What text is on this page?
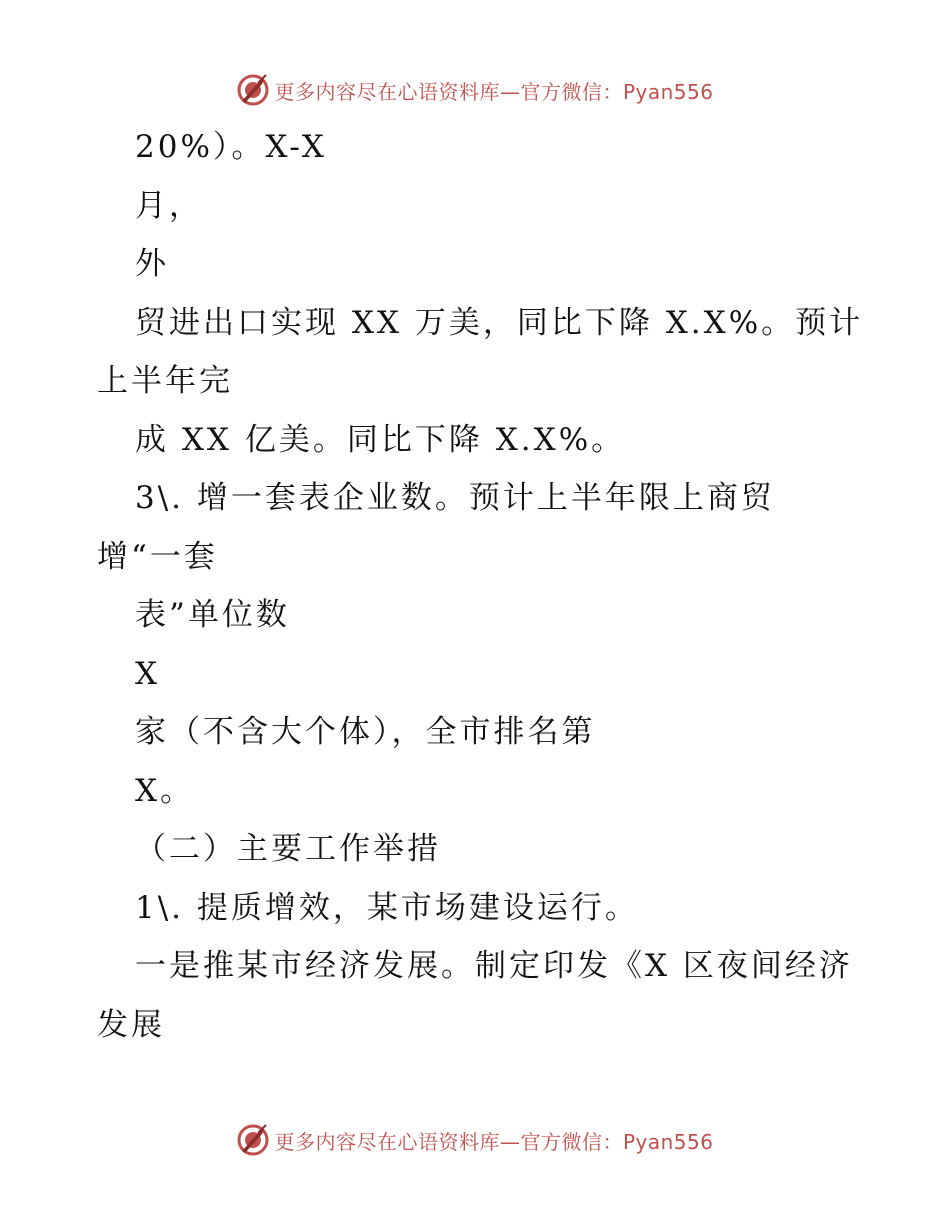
更多内容尽在心语资料库—官方微信：Pyan556
20%）。X-X
月，
外
贸进出口实现 XX 万美，同比下降 X.X%。预计
上半年完
成 XX 亿美。同比下降 X.X%。
3\. 增一套表企业数。预计上半年限上商贸
增“一套
表”单位数
X
家（不含大个体），全市排名第
X。
（二）主要工作举措
1\. 提质增效，某市场建设运行。
一是推某市经济发展。制定印发《X 区夜间经济
发展
更多内容尽在心语资料库—官方微信：Pyan556
